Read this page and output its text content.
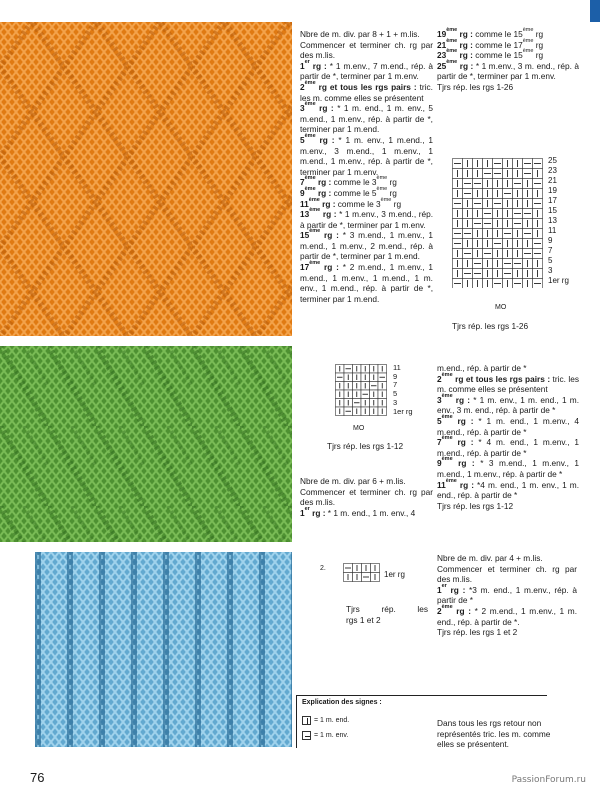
Nbre de m. div. par 8 + 1 + m.lis.

Commencer et terminer ch. rg par des m.lis.

1er rg : * 1 m.env., 7 m.end., rép. à partir de *, terminer par 1 m.env.

2ème rg et tous les rgs pairs : tric. les m. comme elles se présentent

3ème rg : * 1 m. end., 1 m. env., 5 m.end., 1 m.env., rép. à partir de *, terminer par 1 m.end.

5ème rg : * 1 m. env., 1 m.end., 1 m.env., 3 m.end., 1 m.env., 1 m.end., 1 m.env., rép. à partir de *, terminer par 1 m.env.

7ème rg : comme le 3ème rg

9ème rg : comme le 5ème rg

11ème rg : comme le 3ème rg

13ème rg : * 1 m.env., 3 m.end., rép. à partir de *, terminer par 1 m.env.

15ème rg : * 3 m.end., 1 m.env., 1 m.end., 1 m.env., 2 m.end., rép. à partir de *, terminer par 1 m.end.

17ème rg : * 2 m.end., 1 m.env., 1 m.end., 1 m.env., 1 m.end., 1 m. env., 1 m.end., rép. à partir de *, terminer par 1 m.end.

19ème rg : comme le 15ème rg

21ème rg : comme le 17ème rg

23ème rg : comme le 15ème rg

25ème rg : * 1 m.env., 3 m. end., rép. à partir de *, terminer par 1 m.env.

Tjrs rép. les rgs 1-26

25
23
21
19
17
15
13
11
9
7
5
3
1er rg
MO
Tjrs rép. les rgs 1-26
11
9
7
5
3
1er rg
MO
Tjrs rép. les rgs 1-12

Nbre de m. div. par 6 + m.lis.

Commencer et terminer ch. rg par des m.lis.

1er rg : * 1 m. end., 1 m. env., 4

m.end., rép. à partir de *

2ème rg et tous les rgs pairs : tric. les m. comme elles se présentent

3ème rg : * 1 m. env., 1 m. end., 1 m. env., 3 m. end., rép. à partir de *

5ème rg : * 1 m. end., 1 m.env., 4 m.end., rép. à partir de *

7ème rg : * 4 m. end., 1 m.env., 1 m.end., rép. à partir de *

9ème rg : * 3 m.end., 1 m.env., 1 m.end., 1 m.env., rép. à partir de *

11ème rg : *4 m. end., 1 m. env., 1 m. end., rép. à partir de *

Tjrs rép. les rgs 1-12

2.
1er rg
Tjrs rép. les
rgs 1 et 2

Nbre de m. div. par 4 + m.lis.

Commencer et terminer ch. rg par des m.lis.

1er rg : *3 m. end., 1 m.env., rép. à partir de *

2ème rg : * 2 m.end., 1 m.env., 1 m. end., rép. à partir de *.

Tjrs rép. les rgs 1 et 2

Explication des signes :
= 1 m. end.
= 1 m. env.
Dans tous les rgs retour non représentés tric. les m. comme elles se présentent.
76	PassionForum.ru
